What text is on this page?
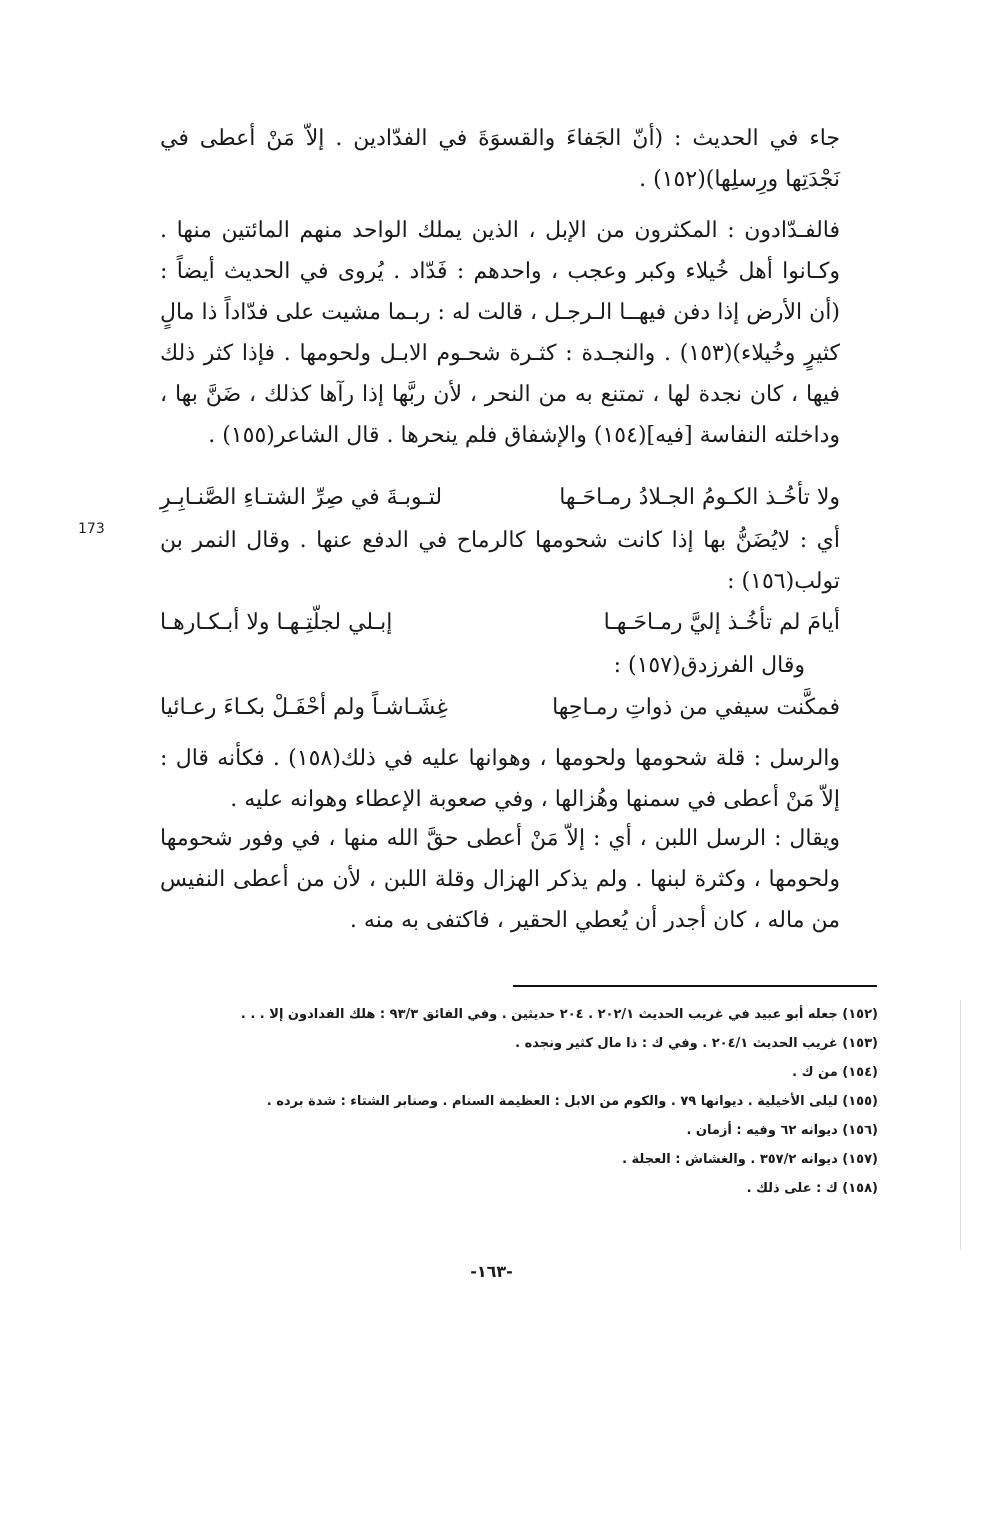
جاء في الحديث : (أنّ الجَفاءَ والقسوَةَ في الفدّادين . إلاّ مَنْ أعطى في نَجْدَتِها ورِسلِها)(١٥٢) .

فالفـدّادون : المكثرون من الإبل ، الذين يملك الواحد منهم المائتين منها . وكـانوا أهل خُيلاء وكبر وعجب ، واحدهم : فَدّاد . يُروى في الحديث أيضاً : (أن الأرض إذا دفن فيهــا الـرجـل ، قالت له : ربـما مشيت على فدّاداً ذا مالٍ كثيرٍ وخُيلاء)(١٥٣) . والنجـدة : كثـرة شحـوم الابـل ولحومها . فإذا كثر ذلك فيها ، كان نجدة لها ، تمتنع به من النحر ، لأن ربَّها إذا رآها كذلك ، ضَنَّ بها ، وداخلته النفاسة [فيه](١٥٤) والإشفاق فلم ينحرها . قال الشاعر(١٥٥) .

ولا تأخُـذ الكـومُ الجـلادُ رمـاحَـها
لتـوبـةَ في صِرِّ الشتـاءِ الصَّنـابِـرِ

أي : لايُضَنُّ بها إذا كانت شحومها كالرماح في الدفع عنها . وقال النمر بن تولب(١٥٦) :

173
أيامَ لم تأخُـذ إليَّ رمـاحَـهـا
إبـلي لجلّتِـهـا ولا أبـكـارهـا

وقال الفرزدق(١٥٧) :

فمكَّنت سيفي من ذواتِ رمـاحِها
غِشَـاشـاً ولم أحْفَـلْ بكـاءَ رعـائيا

والرسل : قلة شحومها ولحومها ، وهوانها عليه في ذلك(١٥٨) . فكأنه قال : إلاّ مَنْ أعطى في سمنها وهُزالها ، وفي صعوبة الإعطاء وهوانه عليه .

ويقال : الرسل اللبن ، أي : إلاّ مَنْ أعطى حقَّ الله منها ، في وفور شحومها ولحومها ، وكثرة لبنها . ولم يذكر الهزال وقلة اللبن ، لأن من أعطى النفيس من ماله ، كان أجدر أن يُعطي الحقير ، فاكتفى به منه .

(١٥٢) جعله أبو عبيد في غريب الحديث ٢٠٢/١ . ٢٠٤ حديثين . وفي الفائق ٩٣/٣ : هلك الفدادون إلا . . .
(١٥٣) غريب الحديث ٢٠٤/١ . وفي ك : ذا مال كثير ونجده .
(١٥٤) من ك .
(١٥٥) ليلى الأخيلية . ديوانها ٧٩ . والكوم من الابل : العظيمة السنام . وصنابر الشتاء : شدة برده .
(١٥٦) ديوانه ٦٢ وفيه : أزمان .
(١٥٧) ديوانه ٣٥٧/٢ . والغشاش : العجلة .
(١٥٨) ك : على ذلك .
-١٦٣-
